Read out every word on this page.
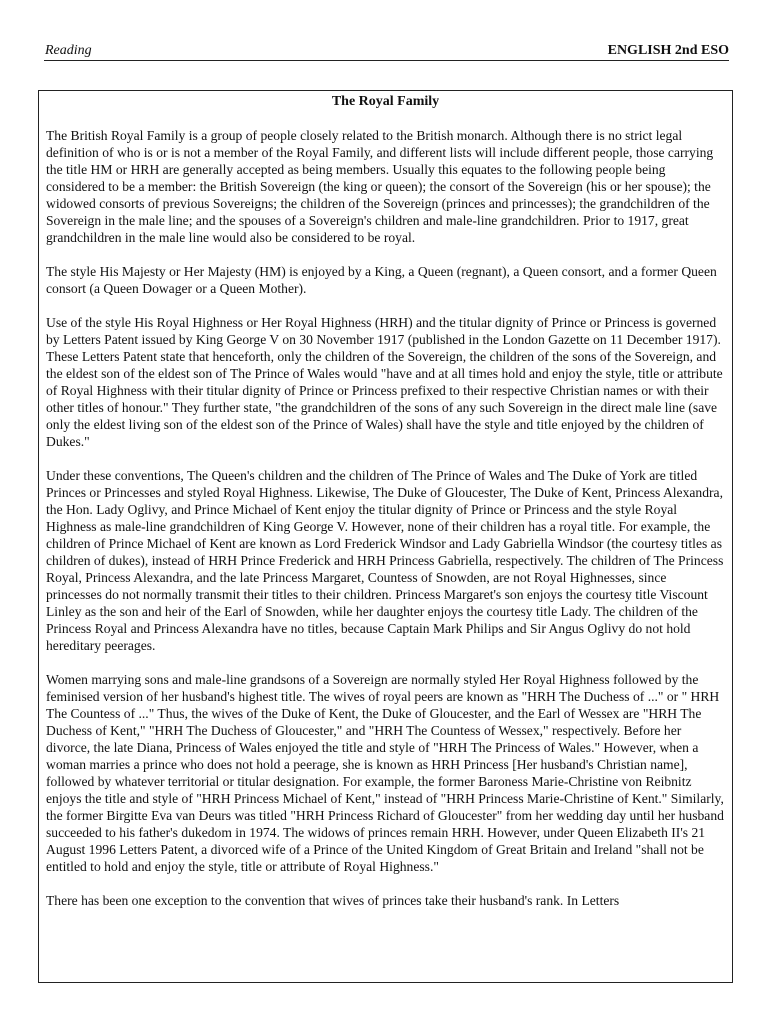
Reading	ENGLISH 2nd ESO

The Royal Family

The British Royal Family is a group of people closely related to the British monarch. Although there is no strict legal definition of who is or is not a member of the Royal Family, and different lists will include different people, those carrying the title HM or HRH are generally accepted as being members. Usually this equates to the following people being considered to be a member: the British Sovereign (the king or queen); the consort of the Sovereign (his or her spouse); the widowed consorts of previous Sovereigns; the children of the Sovereign (princes and princesses); the grandchildren of the Sovereign in the male line; and the spouses of a Sovereign's children and male-line grandchildren. Prior to 1917, great grandchildren in the male line would also be considered to be royal.

The style His Majesty or Her Majesty (HM) is enjoyed by a King, a Queen (regnant), a Queen consort, and a former Queen consort (a Queen Dowager or a Queen Mother).

Use of the style His Royal Highness or Her Royal Highness (HRH) and the titular dignity of Prince or Princess is governed by Letters Patent issued by King George V on 30 November 1917 (published in the London Gazette on 11 December 1917). These Letters Patent state that henceforth, only the children of the Sovereign, the children of the sons of the Sovereign, and the eldest son of the eldest son of The Prince of Wales would "have and at all times hold and enjoy the style, title or attribute of Royal Highness with their titular dignity of Prince or Princess prefixed to their respective Christian names or with their other titles of honour." They further state, "the grandchildren of the sons of any such Sovereign in the direct male line (save only the eldest living son of the eldest son of the Prince of Wales) shall have the style and title enjoyed by the children of Dukes."

Under these conventions, The Queen's children and the children of The Prince of Wales and The Duke of York are titled Princes or Princesses and styled Royal Highness. Likewise, The Duke of Gloucester, The Duke of Kent, Princess Alexandra, the Hon. Lady Oglivy, and Prince Michael of Kent enjoy the titular dignity of Prince or Princess and the style Royal Highness as male-line grandchildren of King George V. However, none of their children has a royal title. For example, the children of Prince Michael of Kent are known as Lord Frederick Windsor and Lady Gabriella Windsor (the courtesy titles as children of dukes), instead of HRH Prince Frederick and HRH Princess Gabriella, respectively. The children of The Princess Royal, Princess Alexandra, and the late Princess Margaret, Countess of Snowden, are not Royal Highnesses, since princesses do not normally transmit their titles to their children. Princess Margaret's son enjoys the courtesy title Viscount Linley as the son and heir of the Earl of Snowden, while her daughter enjoys the courtesy title Lady. The children of the Princess Royal and Princess Alexandra have no titles, because Captain Mark Philips and Sir Angus Oglivy do not hold hereditary peerages.

Women marrying sons and male-line grandsons of a Sovereign are normally styled Her Royal Highness followed by the feminised version of her husband's highest title. The wives of royal peers are known as "HRH The Duchess of ..." or " HRH The Countess of ..." Thus, the wives of the Duke of Kent, the Duke of Gloucester, and the Earl of Wessex are "HRH The Duchess of Kent," "HRH The Duchess of Gloucester," and "HRH The Countess of Wessex," respectively. Before her divorce, the late Diana, Princess of Wales enjoyed the title and style of "HRH The Princess of Wales." However, when a woman marries a prince who does not hold a peerage, she is known as HRH Princess [Her husband's Christian name], followed by whatever territorial or titular designation. For example, the former Baroness Marie-Christine von Reibnitz enjoys the title and style of "HRH Princess Michael of Kent," instead of "HRH Princess Marie-Christine of Kent." Similarly, the former Birgitte Eva van Deurs was titled "HRH Princess Richard of Gloucester" from her wedding day until her husband succeeded to his father's dukedom in 1974. The widows of princes remain HRH. However, under Queen Elizabeth II's 21 August 1996 Letters Patent, a divorced wife of a Prince of the United Kingdom of Great Britain and Ireland "shall not be entitled to hold and enjoy the style, title or attribute of Royal Highness."

There has been one exception to the convention that wives of princes take their husband's rank. In Letters
